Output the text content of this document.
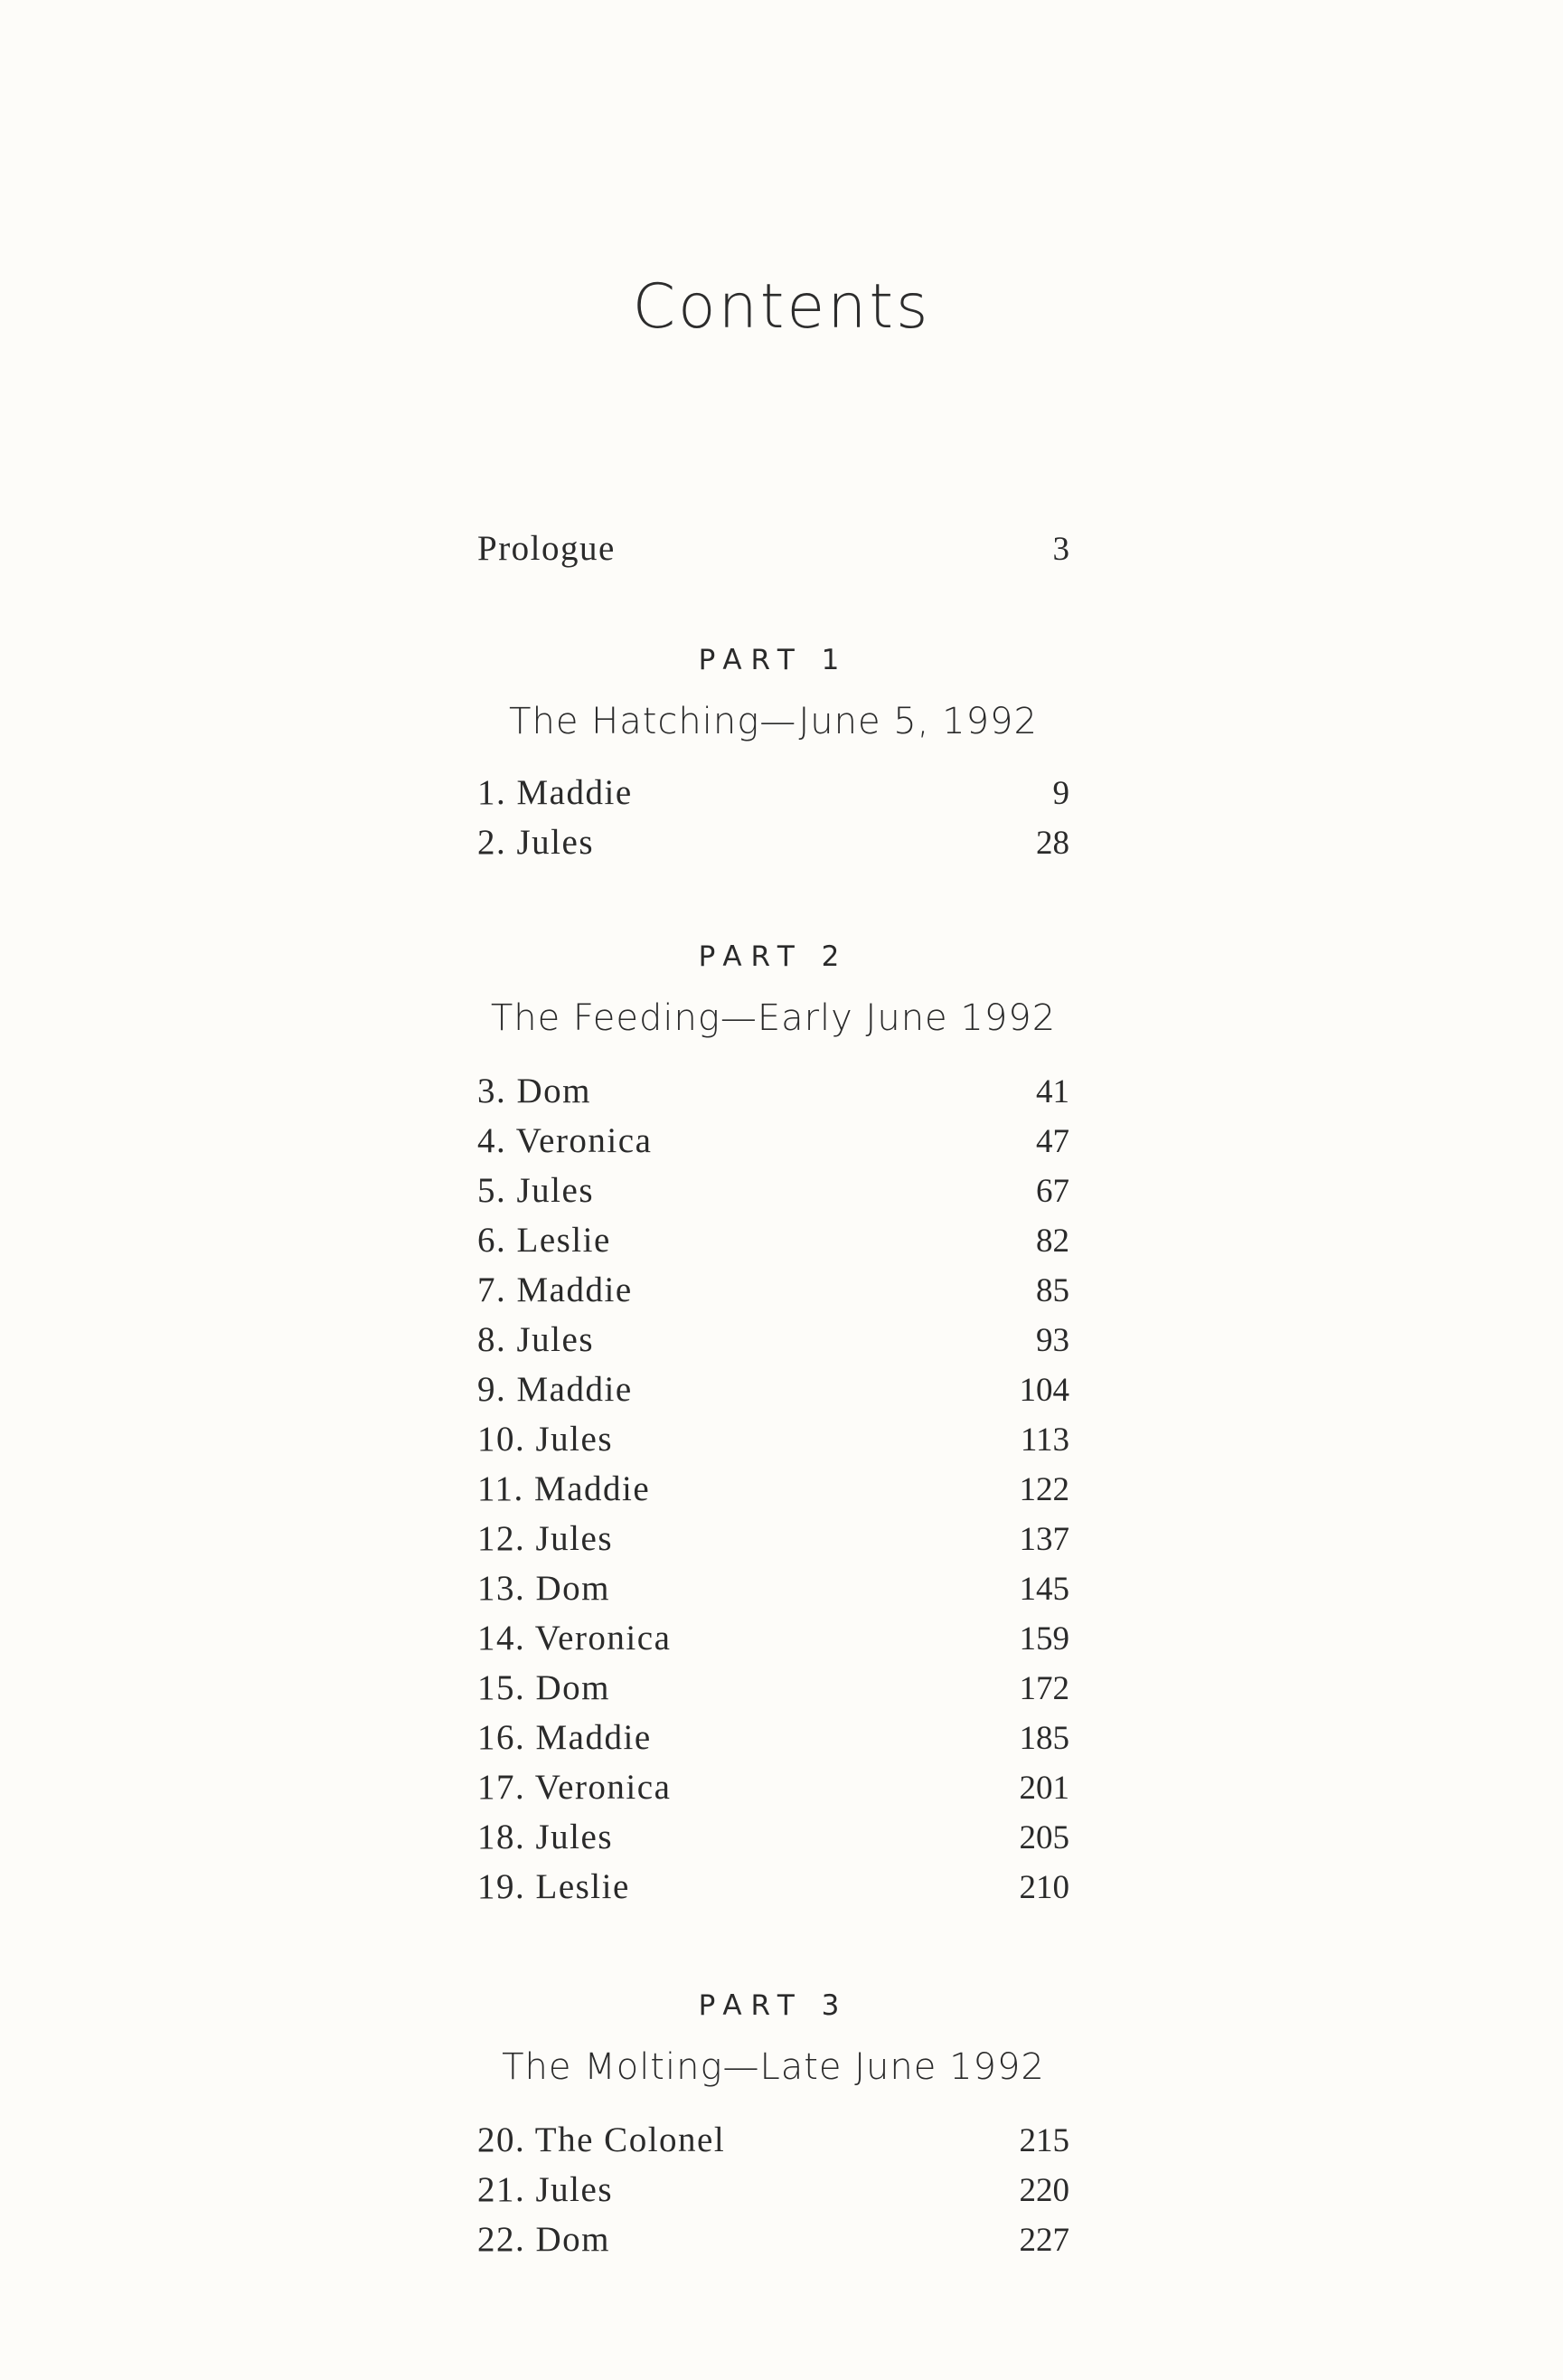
Contents
Prologue	3
PART 1
The Hatching—June 5, 1992
1. Maddie	9
2. Jules	28
PART 2
The Feeding—Early June 1992
3. Dom	41
4. Veronica	47
5. Jules	67
6. Leslie	82
7. Maddie	85
8. Jules	93
9. Maddie	104
10. Jules	113
11. Maddie	122
12. Jules	137
13. Dom	145
14. Veronica	159
15. Dom	172
16. Maddie	185
17. Veronica	201
18. Jules	205
19. Leslie	210
PART 3
The Molting—Late June 1992
20. The Colonel	215
21. Jules	220
22. Dom	227
